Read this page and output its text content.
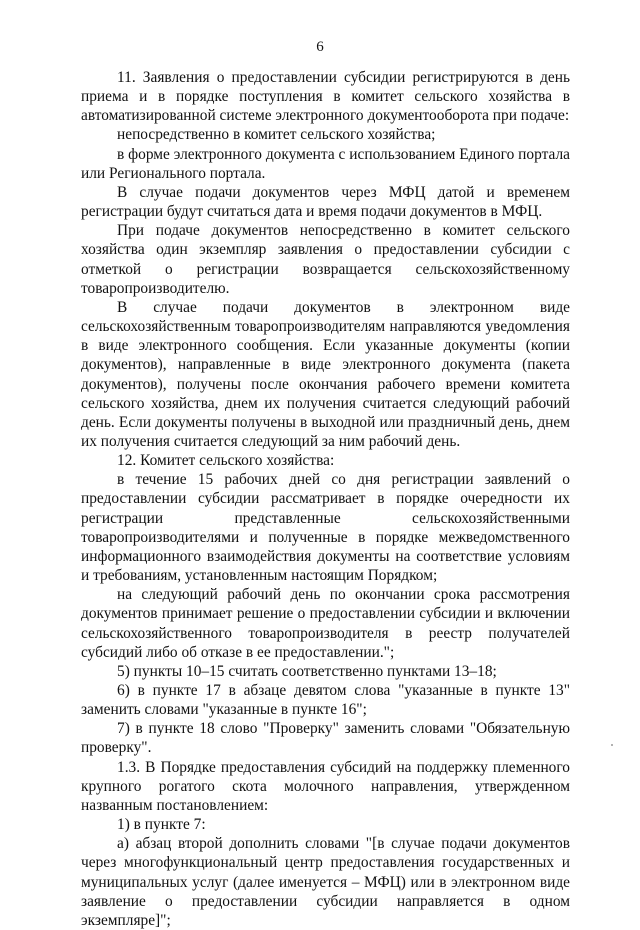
6

11. Заявления о предоставлении субсидии регистрируются в день приема и в порядке поступления в комитет сельского хозяйства в автоматизированной системе электронного документооборота при подаче:

непосредственно в комитет сельского хозяйства;

в форме электронного документа с использованием Единого портала или Регионального портала.

В случае подачи документов через МФЦ датой и временем регистрации будут считаться дата и время подачи документов в МФЦ.

При подаче документов непосредственно в комитет сельского хозяйства один экземпляр заявления о предоставлении субсидии с отметкой о регистрации возвращается сельскохозяйственному товаропроизводителю.

В случае подачи документов в электронном виде сельскохозяйственным товаропроизводителям направляются уведомления в виде электронного сообщения. Если указанные документы (копии документов), направленные в виде электронного документа (пакета документов), получены после окончания рабочего времени комитета сельского хозяйства, днем их получения считается следующий рабочий день. Если документы получены в выходной или праздничный день, днем их получения считается следующий за ним рабочий день.

12. Комитет сельского хозяйства:

в течение 15 рабочих дней со дня регистрации заявлений о предоставлении субсидии рассматривает в порядке очередности их регистрации представленные сельскохозяйственными товаропроизводителями и полученные в порядке межведомственного информационного взаимодействия документы на соответствие условиям и требованиям, установленным настоящим Порядком;

на следующий рабочий день по окончании срока рассмотрения документов принимает решение о предоставлении субсидии и включении сельскохозяйственного товаропроизводителя в реестр получателей субсидий либо об отказе в ее предоставлении.";

5) пункты 10–15 считать соответственно пунктами 13–18;

6) в пункте 17 в абзаце девятом слова "указанные в пункте 13" заменить словами "указанные в пункте 16";

7) в пункте 18 слово "Проверку" заменить словами "Обязательную проверку".

1.3. В Порядке предоставления субсидий на поддержку племенного крупного рогатого скота молочного направления, утвержденном названным постановлением:

1) в пункте 7:

а) абзац второй дополнить словами "[в случае подачи документов через многофункциональный центр предоставления государственных и муниципальных услуг (далее именуется – МФЦ) или в электронном виде заявление о предоставлении субсидии направляется в одном экземпляре]";
